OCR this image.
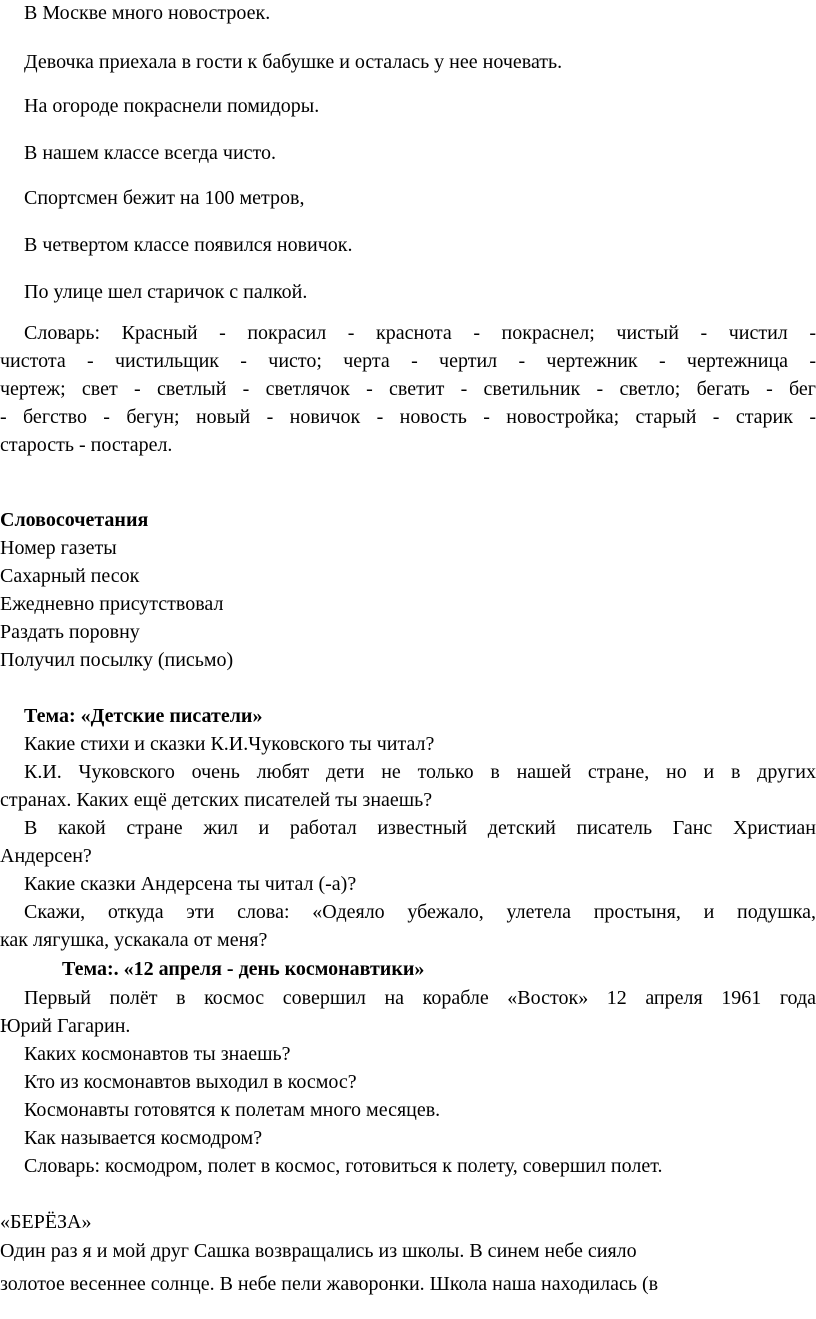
В Москве много новостроек.

Девочка приехала в гости к бабушке и осталась у нее ночевать.

На огороде покраснели помидоры.

В нашем классе всегда чисто.

Спортсмен бежит на 100 метров,

В четвертом классе появился новичок.

По улице шел старичок с палкой.

Словарь: Красный - покрасил - краснота - покраснел; чистый - чистил -
чистота - чистильщик - чисто; черта - чертил - чертежник - чертежница -
чертеж; свет - светлый - светлячок - светит - светильник - светло; бегать - бег
- бегство - бегун; новый - новичок - новость - новостройка; старый - старик -
старость - постарел.

Словосочетания

Номер газеты

Сахарный песок

Ежедневно присутствовал

Раздать поровну

Получил посылку (письмо)

Тема: «Детские писатели»

Какие стихи и сказки К.И.Чуковского ты читал?

К.И. Чуковского очень любят дети не только в нашей стране, но и в других
странах. Каких ещё детских писателей ты знаешь?
В какой стране жил и работал известный детский писатель Ганс Христиан
Андерсен?

Какие сказки Андерсена ты читал (-а)?

Скажи, откуда эти слова: «Одеяло убежало, улетела простыня, и подушка,
как лягушка, ускакала от меня?

Тема:. «12 апреля - день космонавтики»

Первый полёт в космос совершил на корабле «Восток» 12 апреля 1961 года
Юрий Гагарин.

Каких космонавтов ты знаешь?

Кто из космонавтов выходил в космос?

Космонавты готовятся к полетам много месяцев.

Как называется космодром?

Словарь: космодром, полет в космос, готовиться к полету, совершил полет.

«БЕРЁЗА»

Один раз я и мой друг Сашка возвращались из школы. В синем небе сияло

золотое весеннее солнце. В небе пели жаворонки. Школа наша находилась (в
